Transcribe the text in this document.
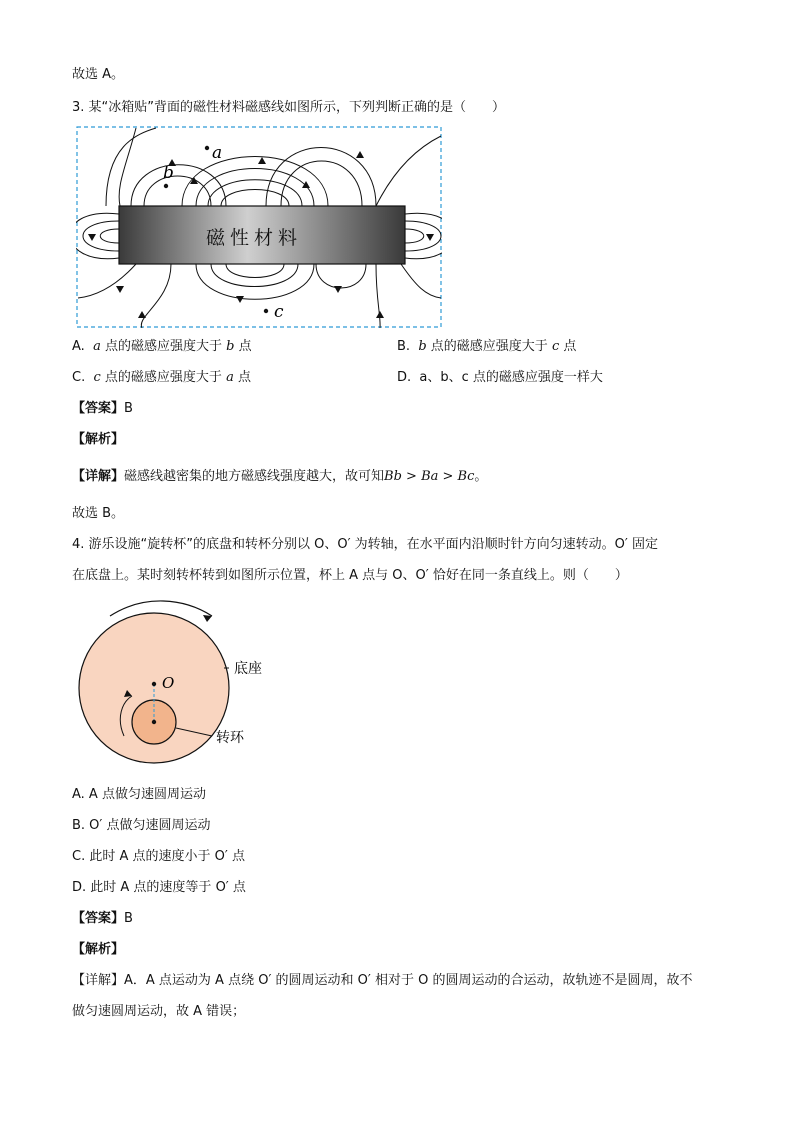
故选 A。
3. 某“冰箱贴”背面的磁性材料磁感线如图所示，下列判断正确的是（　　）
磁性材料
a
b
c
A. a 点的磁感应强度大于 b 点	B. b 点的磁感应强度大于 c 点
C. c 点的磁感应强度大于 a 点	D. a、b、c 点的磁感应强度一样大
【答案】B
【解析】
【详解】磁感线越密集的地方磁感线强度越大，故可知Bb > Ba > Bc。
故选 B。
4. 游乐设施“旋转杯”的底盘和转杯分别以 O、O′ 为转轴，在水平面内沿顺时针方向匀速转动。O′ 固定
在底盘上。某时刻转杯转到如图所示位置，杯上 A 点与 O、O′ 恰好在同一条直线上。则（　　）
O
底座
转环
A. A 点做匀速圆周运动
B. O′ 点做匀速圆周运动
C. 此时 A 点的速度小于 O′ 点
D. 此时 A 点的速度等于 O′ 点
【答案】B
【解析】
【详解】A．A 点运动为 A 点绕 O′ 的圆周运动和 O′ 相对于 O 的圆周运动的合运动，故轨迹不是圆周，故不
做匀速圆周运动，故 A 错误；
